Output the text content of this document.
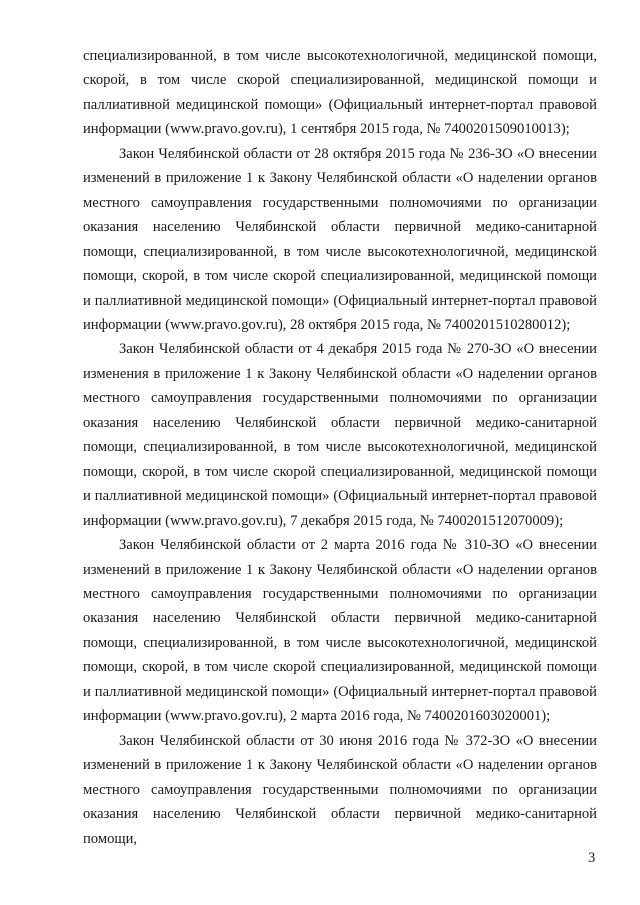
специализированной, в том числе высокотехнологичной, медицинской помощи, скорой, в том числе скорой специализированной, медицинской помощи и паллиативной медицинской помощи» (Официальный интернет-портал правовой информации (www.pravo.gov.ru), 1 сентября 2015 года, № 7400201509010013);

Закон Челябинской области от 28 октября 2015 года № 236-ЗО «О внесении изменений в приложение 1 к Закону Челябинской области «О наделении органов местного самоуправления государственными полномочиями по организации оказания населению Челябинской области первичной медико-санитарной помощи, специализированной, в том числе высокотехнологичной, медицинской помощи, скорой, в том числе скорой специализированной, медицинской помощи и паллиативной медицинской помощи» (Официальный интернет-портал правовой информации (www.pravo.gov.ru), 28 октября 2015 года, № 7400201510280012);

Закон Челябинской области от 4 декабря 2015 года № 270-ЗО «О внесении изменения в приложение 1 к Закону Челябинской области «О наделении органов местного самоуправления государственными полномочиями по организации оказания населению Челябинской области первичной медико-санитарной помощи, специализированной, в том числе высокотехнологичной, медицинской помощи, скорой, в том числе скорой специализированной, медицинской помощи и паллиативной медицинской помощи» (Официальный интернет-портал правовой информации (www.pravo.gov.ru), 7 декабря 2015 года, № 7400201512070009);

Закон Челябинской области от 2 марта 2016 года № 310-ЗО «О внесении изменений в приложение 1 к Закону Челябинской области «О наделении органов местного самоуправления государственными полномочиями по организации оказания населению Челябинской области первичной медико-санитарной помощи, специализированной, в том числе высокотехнологичной, медицинской помощи, скорой, в том числе скорой специализированной, медицинской помощи и паллиативной медицинской помощи» (Официальный интернет-портал правовой информации (www.pravo.gov.ru), 2 марта 2016 года, № 7400201603020001);

Закон Челябинской области от 30 июня 2016 года № 372-ЗО «О внесении изменений в приложение 1 к Закону Челябинской области «О наделении органов местного самоуправления государственными полномочиями по организации оказания населению Челябинской области первичной медико-санитарной помощи,

3
